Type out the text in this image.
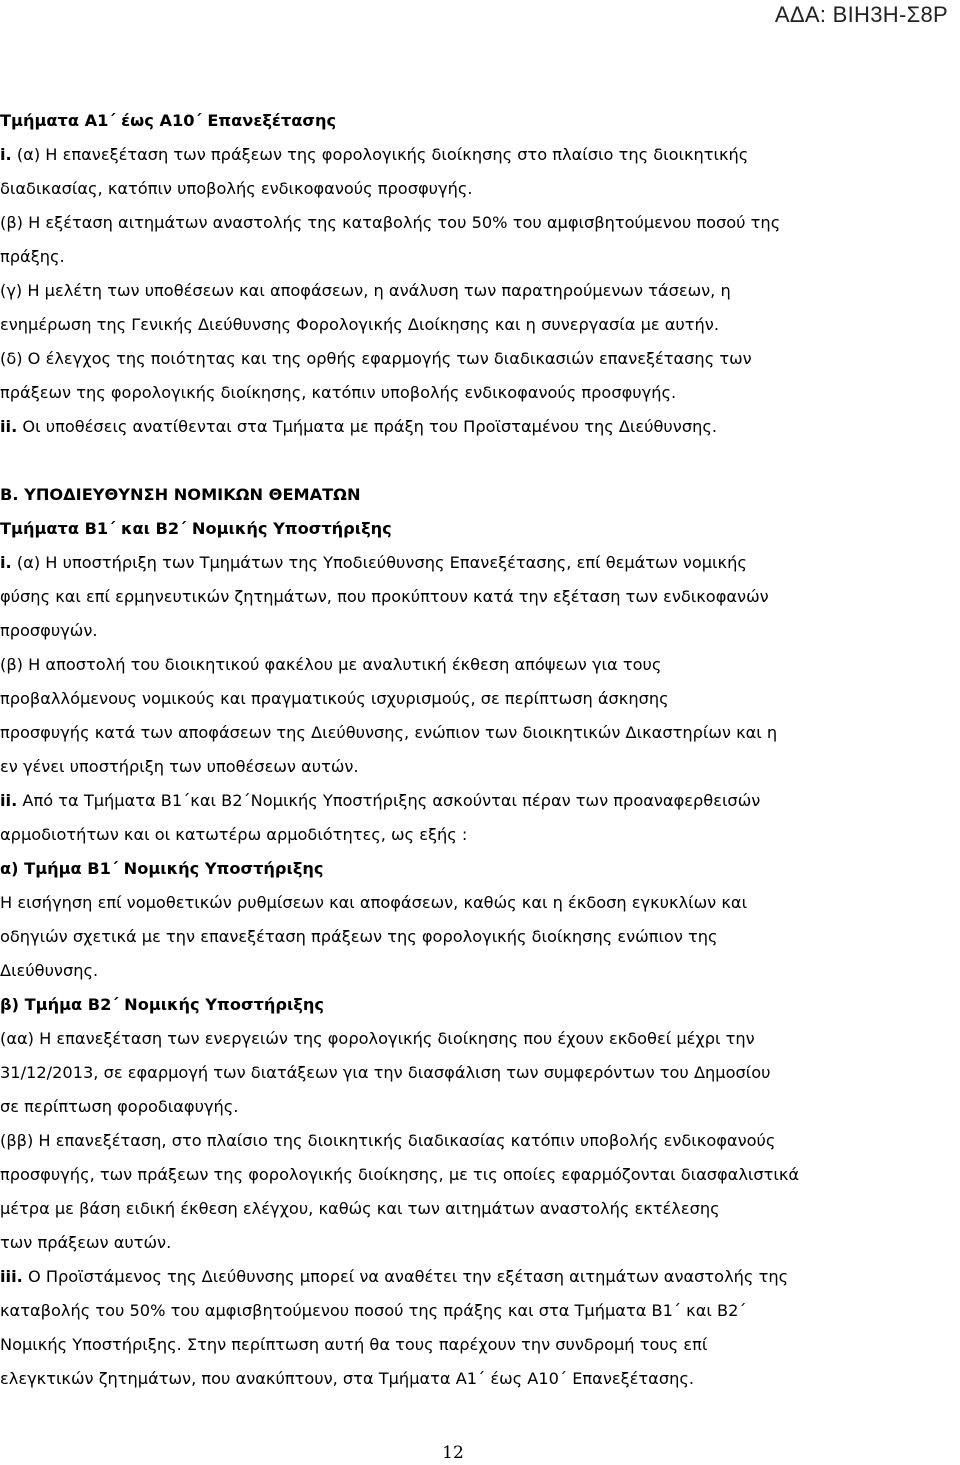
ΑΔΑ: ΒΙΗ3Η-Σ8Ρ
Τμήματα Α1΄ έως Α10΄ Επανεξέτασης
i. (α) Η επανεξέταση των πράξεων της φορολογικής διοίκησης στο πλαίσιο της διοικητικής
διαδικασίας, κατόπιν υποβολής ενδικοφανούς προσφυγής.
(β) Η εξέταση αιτημάτων αναστολής της καταβολής του 50% του αμφισβητούμενου ποσού της
πράξης.
(γ) Η μελέτη των υποθέσεων και αποφάσεων, η ανάλυση των παρατηρούμενων τάσεων, η
ενημέρωση της Γενικής Διεύθυνσης Φορολογικής Διοίκησης και η συνεργασία με αυτήν.
(δ) Ο έλεγχος της ποιότητας και της ορθής εφαρμογής των διαδικασιών επανεξέτασης των
πράξεων της φορολογικής διοίκησης, κατόπιν υποβολής ενδικοφανούς προσφυγής.
ii. Οι υποθέσεις ανατίθενται στα Τμήματα με πράξη του Προϊσταμένου της Διεύθυνσης.
Β. ΥΠΟΔΙΕΥΘΥΝΣΗ ΝΟΜΙΚΩΝ ΘΕΜΑΤΩΝ
Τμήματα Β1΄ και Β2΄ Νομικής Υποστήριξης
i. (α) Η υποστήριξη των Τμημάτων της Υποδιεύθυνσης Επανεξέτασης, επί θεμάτων νομικής
φύσης και επί ερμηνευτικών ζητημάτων, που προκύπτουν κατά την εξέταση των ενδικοφανών
προσφυγών.
(β) Η αποστολή του διοικητικού φακέλου με αναλυτική έκθεση απόψεων για τους
προβαλλόμενους νομικούς και πραγματικούς ισχυρισμούς, σε περίπτωση άσκησης
προσφυγής κατά των αποφάσεων της Διεύθυνσης, ενώπιον των διοικητικών Δικαστηρίων και η
εν γένει υποστήριξη των υποθέσεων αυτών.
ii. Από τα Τμήματα Β1΄και Β2΄Νομικής Υποστήριξης ασκούνται πέραν των προαναφερθεισών
αρμοδιοτήτων και οι κατωτέρω αρμοδιότητες, ως εξής :
α) Τμήμα Β1΄ Νομικής Υποστήριξης
Η εισήγηση επί νομοθετικών ρυθμίσεων και αποφάσεων, καθώς και η έκδοση εγκυκλίων και
οδηγιών σχετικά με την επανεξέταση πράξεων της φορολογικής διοίκησης ενώπιον της
Διεύθυνσης.
β) Τμήμα Β2΄ Νομικής Υποστήριξης
(αα) Η επανεξέταση των ενεργειών της φορολογικής διοίκησης που έχουν εκδοθεί μέχρι την
31/12/2013, σε εφαρμογή των διατάξεων για την διασφάλιση των συμφερόντων του Δημοσίου
σε περίπτωση φοροδιαφυγής.
(ββ) Η επανεξέταση, στο πλαίσιο της διοικητικής διαδικασίας κατόπιν υποβολής ενδικοφανούς
προσφυγής, των πράξεων της φορολογικής διοίκησης, με τις οποίες εφαρμόζονται διασφαλιστικά
μέτρα με βάση ειδική έκθεση ελέγχου, καθώς και των αιτημάτων αναστολής εκτέλεσης
των πράξεων αυτών.
iii. Ο Προϊστάμενος της Διεύθυνσης μπορεί να αναθέτει την εξέταση αιτημάτων αναστολής της
καταβολής του 50% του αμφισβητούμενου ποσού της πράξης και στα Τμήματα Β1΄ και Β2΄
Νομικής Υποστήριξης. Στην περίπτωση αυτή θα τους παρέχουν την συνδρομή τους επί
ελεγκτικών ζητημάτων, που ανακύπτουν, στα Τμήματα Α1΄ έως Α10΄ Επανεξέτασης.
12
